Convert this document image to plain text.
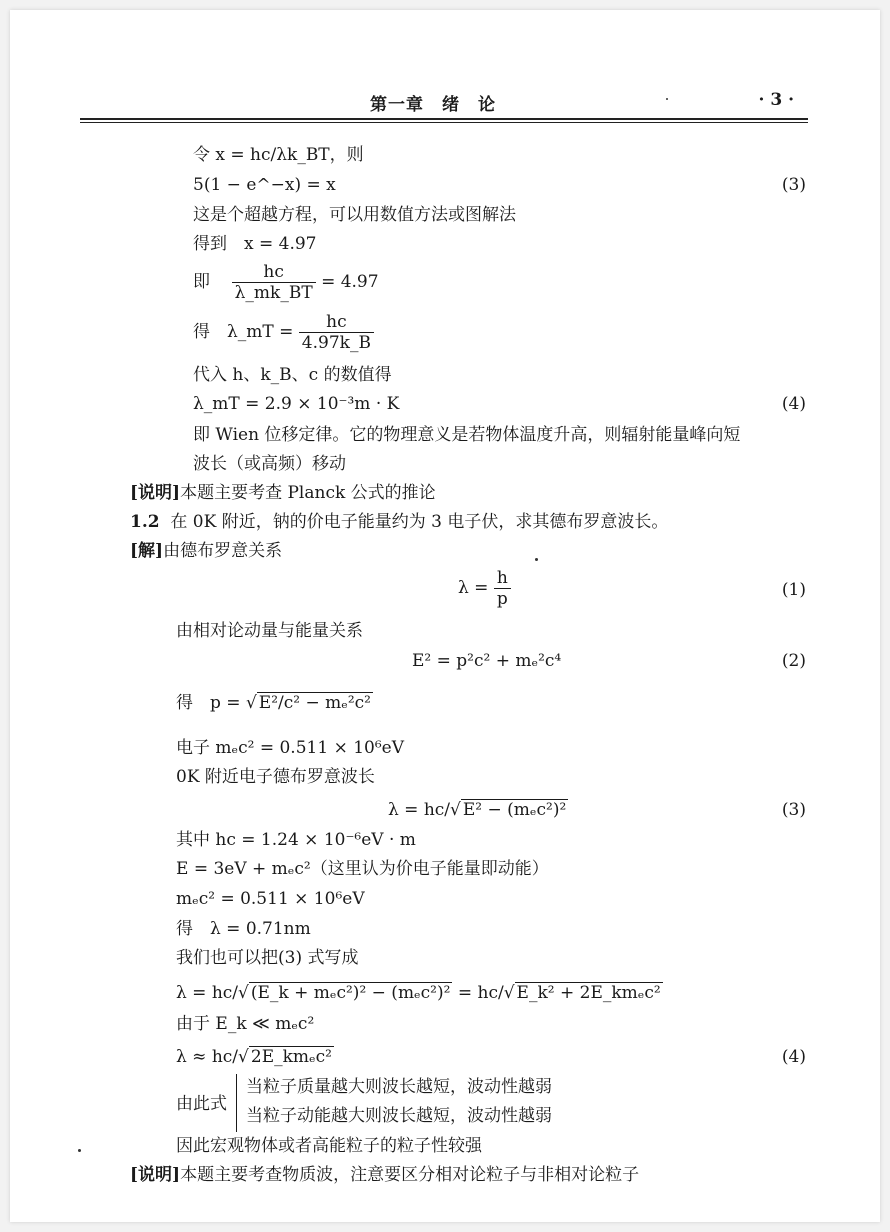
第一章　绪　论	· 3 ·
令 x = hc/λk_BT，则
5(1 − e^−x) = x	(3)
这是个超越方程，可以用数值方法或图解法
得到　x = 4.97
即 $\frac{hc}{\lambda\_mk\_BT} = 4.97$
得　λ_mT = $\frac{hc}{4.97k\_B}$
代入 h、k_B、c 的数值得
λ_mT = 2.9 × 10⁻³m · K	(4)
即 Wien 位移定律。它的物理意义是若物体温度升高，则辐射能量峰向短
波长（或高频）移动
[说明]本题主要考查 Planck 公式的推论
1.2 在 0K 附近，钠的价电子能量约为 3 电子伏，求其德布罗意波长。
[解]由德布罗意关系
$\lambda = \frac{h}{p}$	(1)
由相对论动量与能量关系
E² = p²c² + mₑ²c⁴	(2)
得　p = √ E²/c² − mₑ²c²
电子 mₑc² = 0.511 × 10⁶eV
0K 附近电子德布罗意波长
λ = hc/√ E² − (mₑc²)²	(3)
其中 hc = 1.24 × 10⁻⁶eV · m
E = 3eV + mₑc²（这里认为价电子能量即动能）
mₑc² = 0.511 × 10⁶eV
得　λ = 0.71nm
我们也可以把(3) 式写成
λ = hc/√ (E_k + mₑc²)² − (mₑc²)² = hc/√ E_k² + 2E_kmₑc²
由于 E_k ≪ mₑc²
λ ≈ hc/√ 2E_kmₑc²	(4)
由此式
当粒子质量越大则波长越短，波动性越弱
当粒子动能越大则波长越短，波动性越弱
因此宏观物体或者高能粒子的粒子性较强
[说明]本题主要考查物质波，注意要区分相对论粒子与非相对论粒子
